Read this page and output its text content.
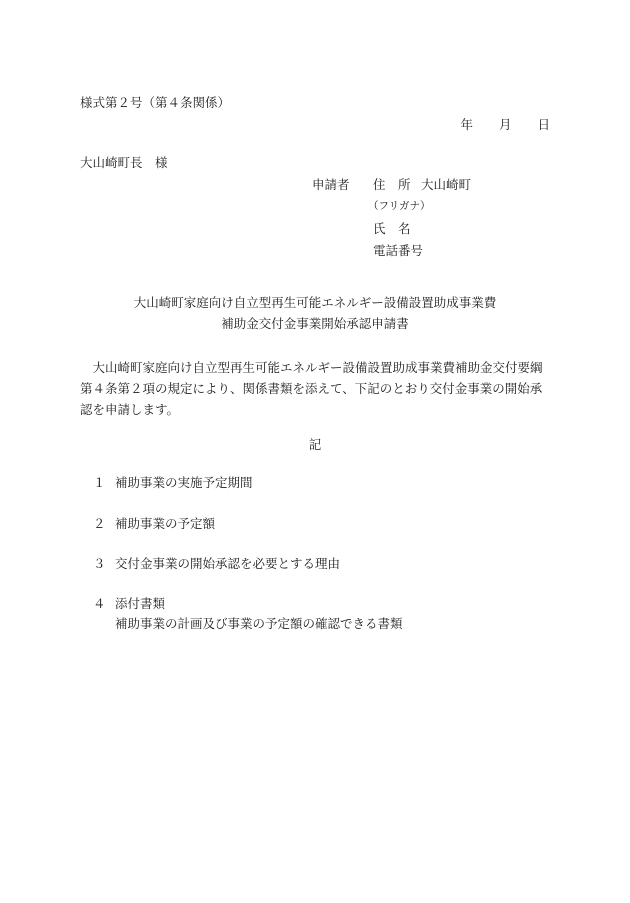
様式第２号（第４条関係）
年 月 日
大山崎町長　様
申請者 住　所 大山崎町
（フリガナ）
氏　名
電話番号
大山崎町家庭向け自立型再生可能エネルギー設備設置助成事業費
補助金交付金事業開始承認申請書
大山崎町家庭向け自立型再生可能エネルギー設備設置助成事業費補助金交付要綱第４条第２項の規定により、関係書類を添えて、下記のとおり交付金事業の開始承認を申請します。
記
１ 補助事業の実施予定期間
２ 補助事業の予定額
３ 交付金事業の開始承認を必要とする理由
４ 添付書類
補助事業の計画及び事業の予定額の確認できる書類
